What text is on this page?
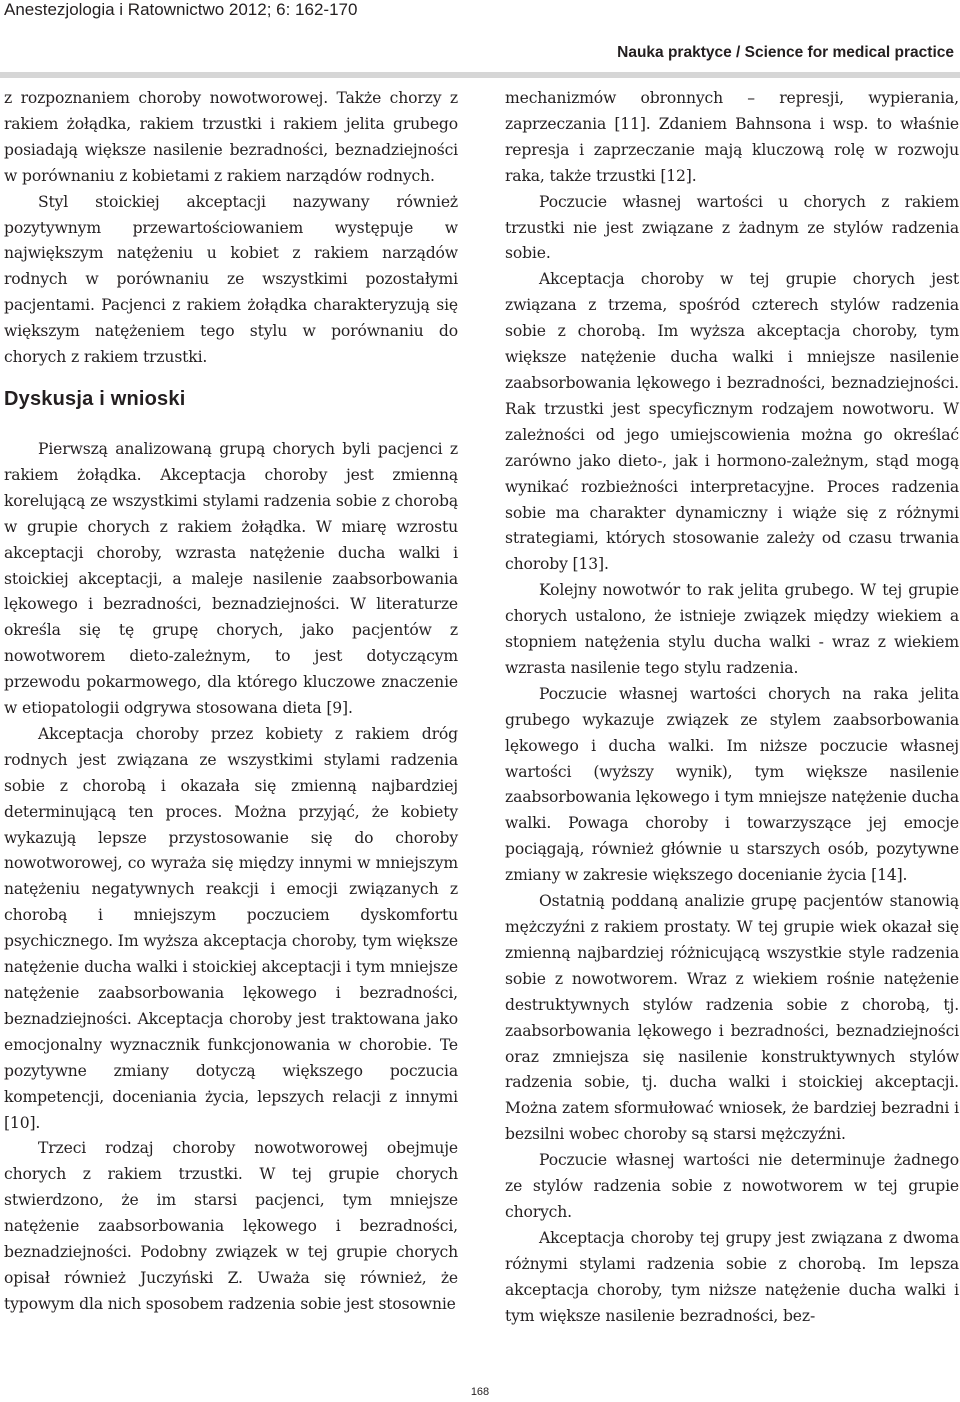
Anestezjologia i Ratownictwo 2012; 6: 162-170
Nauka praktyce / Science for medical practice

z rozpoznaniem choroby nowotworowej. Także chorzy z rakiem żołądka, rakiem trzustki i rakiem jelita grubego posiadają większe nasilenie bezradności, beznadziejności w porównaniu z kobietami z rakiem narządów rodnych.

Styl stoickiej akceptacji nazywany również pozytywnym przewartościowaniem występuje w największym natężeniu u kobiet z rakiem narządów rodnych w porównaniu ze wszystkimi pozostałymi pacjentami. Pacjenci z rakiem żołądka charakteryzują się większym natężeniem tego stylu w porównaniu do chorych z rakiem trzustki.

Dyskusja i wnioski

Pierwszą analizowaną grupą chorych byli pacjenci z rakiem żołądka. Akceptacja choroby jest zmienną korelującą ze wszystkimi stylami radzenia sobie z chorobą w grupie chorych z rakiem żołądka. W miarę wzrostu akceptacji choroby, wzrasta natężenie ducha walki i stoickiej akceptacji, a maleje nasilenie zaabsorbowania lękowego i bezradności, beznadziejności. W literaturze określa się tę grupę chorych, jako pacjentów z nowotworem dieto-zależnym, to jest dotyczącym przewodu pokarmowego, dla którego kluczowe znaczenie w etiopatologii odgrywa stosowana dieta [9].

Akceptacja choroby przez kobiety z rakiem dróg rodnych jest związana ze wszystkimi stylami radzenia sobie z chorobą i okazała się zmienną najbardziej determinującą ten proces. Można przyjąć, że kobiety wykazują lepsze przystosowanie się do choroby nowotworowej, co wyraża się między innymi w mniejszym natężeniu negatywnych reakcji i emocji związanych z chorobą i mniejszym poczuciem dyskomfortu psychicznego. Im wyższa akceptacja choroby, tym większe natężenie ducha walki i stoickiej akceptacji i tym mniejsze natężenie zaabsorbowania lękowego i bezradności, beznadziejności. Akceptacja choroby jest traktowana jako emocjonalny wyznacznik funkcjonowania w chorobie. Te pozytywne zmiany dotyczą większego poczucia kompetencji, doceniania życia, lepszych relacji z innymi [10].

Trzeci rodzaj choroby nowotworowej obejmuje chorych z rakiem trzustki. W tej grupie chorych stwierdzono, że im starsi pacjenci, tym mniejsze natężenie zaabsorbowania lękowego i bezradności, beznadziejności. Podobny związek w tej grupie chorych opisał również Juczyński Z. Uważa się również, że typowym dla nich sposobem radzenia sobie jest stosownie

mechanizmów obronnych – represji, wypierania, zaprzeczania [11]. Zdaniem Bahnsona i wsp. to właśnie represja i zaprzeczanie mają kluczową rolę w rozwoju raka, także trzustki [12].

Poczucie własnej wartości u chorych z rakiem trzustki nie jest związane z żadnym ze stylów radzenia sobie.

Akceptacja choroby w tej grupie chorych jest związana z trzema, spośród czterech stylów radzenia sobie z chorobą. Im wyższa akceptacja choroby, tym większe natężenie ducha walki i mniejsze nasilenie zaabsorbowania lękowego i bezradności, beznadziejności. Rak trzustki jest specyficznym rodzajem nowotworu. W zależności od jego umiejscowienia można go określać zarówno jako dieto-, jak i hormono-zależnym, stąd mogą wynikać rozbieżności interpretacyjne. Proces radzenia sobie ma charakter dynamiczny i wiąże się z różnymi strategiami, których stosowanie zależy od czasu trwania choroby [13].

Kolejny nowotwór to rak jelita grubego. W tej grupie chorych ustalono, że istnieje związek między wiekiem a stopniem natężenia stylu ducha walki - wraz z wiekiem wzrasta nasilenie tego stylu radzenia.

Poczucie własnej wartości chorych na raka jelita grubego wykazuje związek ze stylem zaabsorbowania lękowego i ducha walki. Im niższe poczucie własnej wartości (wyższy wynik), tym większe nasilenie zaabsorbowania lękowego i tym mniejsze natężenie ducha walki. Powaga choroby i towarzyszące jej emocje pociągają, również głównie u starszych osób, pozytywne zmiany w zakresie większego docenianie życia [14].

Ostatnią poddaną analizie grupę pacjentów stanowią mężczyźni z rakiem prostaty. W tej grupie wiek okazał się zmienną najbardziej różnicującą wszystkie style radzenia sobie z nowotworem. Wraz z wiekiem rośnie natężenie destruktywnych stylów radzenia sobie z chorobą, tj. zaabsorbowania lękowego i bezradności, beznadziejności oraz zmniejsza się nasilenie konstruktywnych stylów radzenia sobie, tj. ducha walki i stoickiej akceptacji. Można zatem sformułować wniosek, że bardziej bezradni i bezsilni wobec choroby są starsi mężczyźni.

Poczucie własnej wartości nie determinuje żadnego ze stylów radzenia sobie z nowotworem w tej grupie chorych.

Akceptacja choroby tej grupy jest związana z dwoma różnymi stylami radzenia sobie z chorobą. Im lepsza akceptacja choroby, tym niższe natężenie ducha walki i tym większe nasilenie bezradności, bez-

168
